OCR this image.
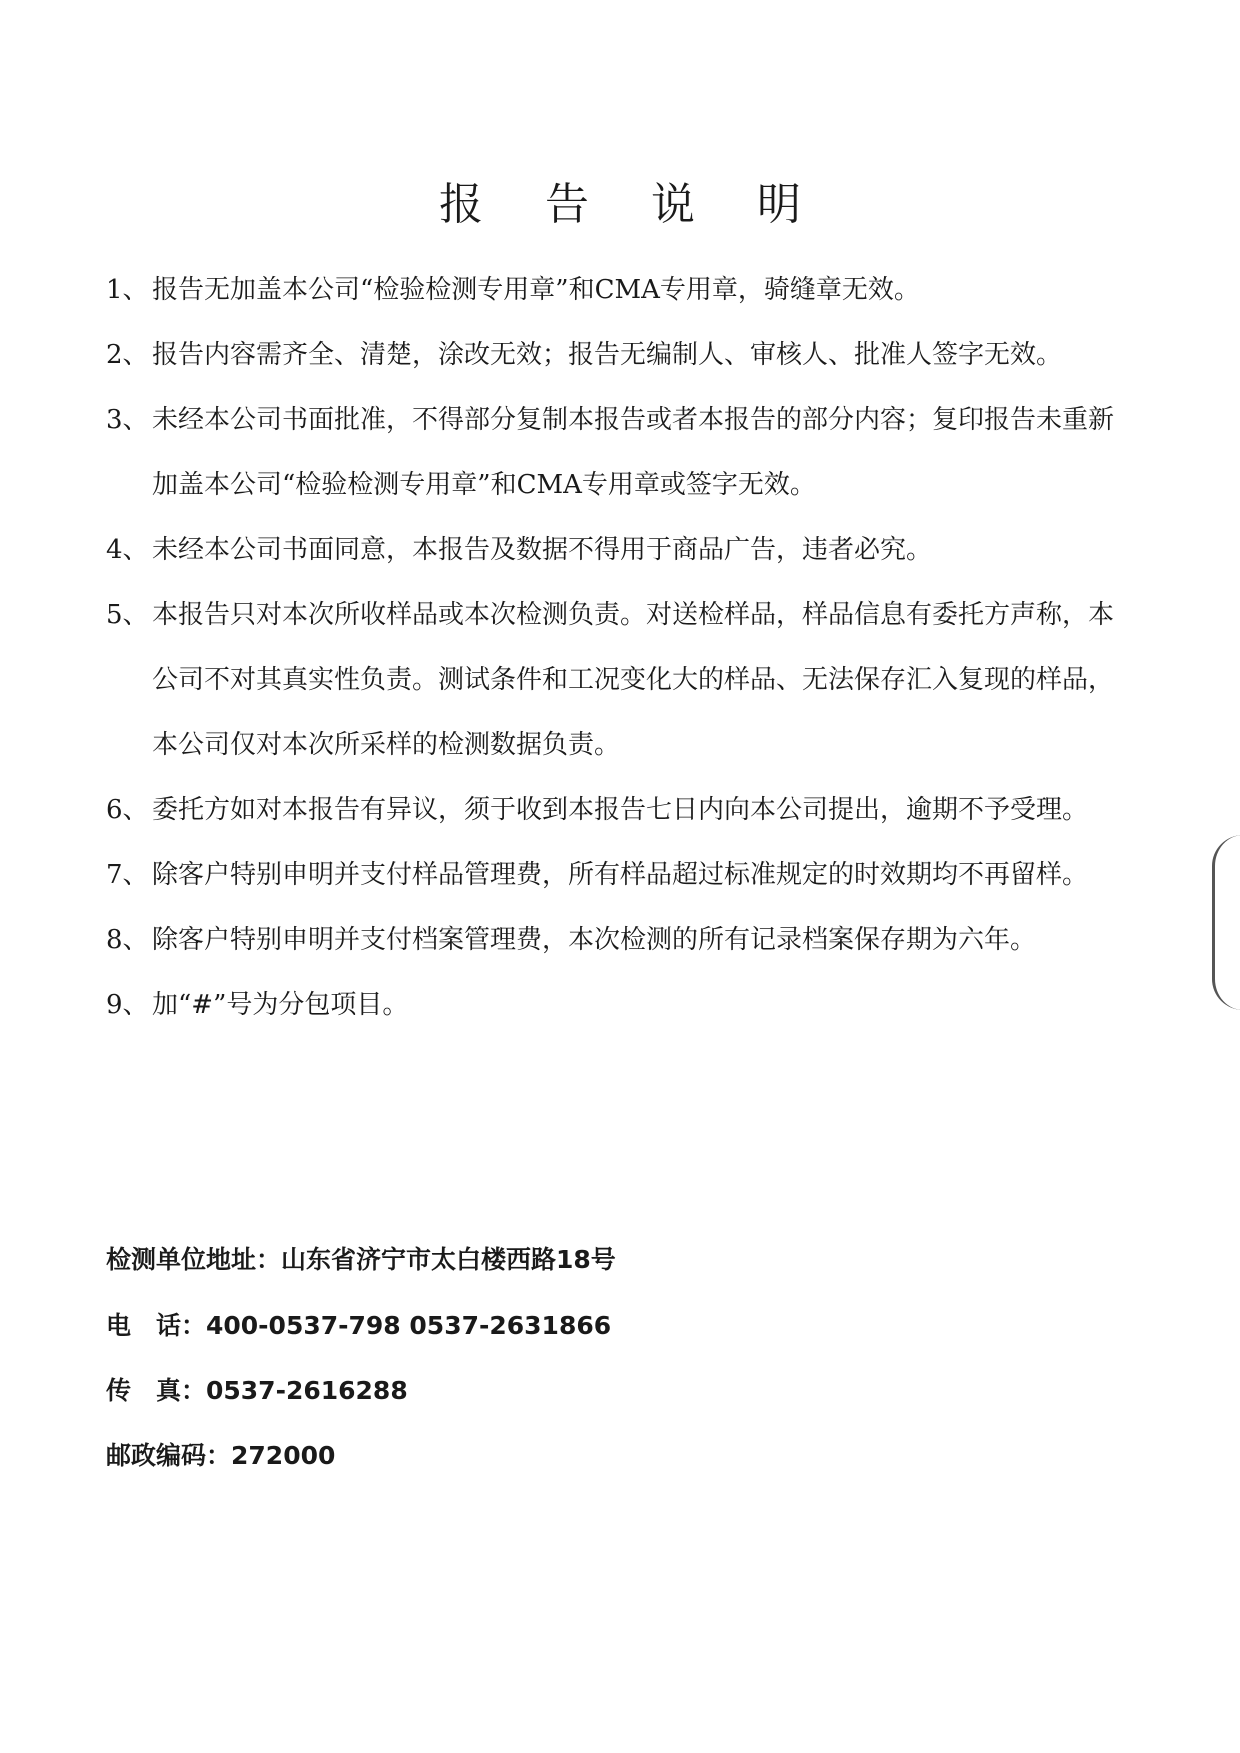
报告说明

1、 报告无加盖本公司“检验检测专用章”和CMA专用章，骑缝章无效。

2、 报告内容需齐全、清楚，涂改无效；报告无编制人、审核人、批准人签字无效。

3、 未经本公司书面批准，不得部分复制本报告或者本报告的部分内容；复印报告未重新加盖本公司“检验检测专用章”和CMA专用章或签字无效。

4、 未经本公司书面同意，本报告及数据不得用于商品广告，违者必究。

5、 本报告只对本次所收样品或本次检测负责。对送检样品，样品信息有委托方声称，本公司不对其真实性负责。测试条件和工况变化大的样品、无法保存汇入复现的样品，本公司仅对本次所采样的检测数据负责。

6、 委托方如对本报告有异议，须于收到本报告七日内向本公司提出，逾期不予受理。

7、 除客户特别申明并支付样品管理费，所有样品超过标准规定的时效期均不再留样。

8、 除客户特别申明并支付档案管理费，本次检测的所有记录档案保存期为六年。

9、 加“#”号为分包项目。

检测单位地址：山东省济宁市太白楼西路18号

电 话： 400-0537-798 0537-2631866

传 真： 0537-2616288

邮政编码：272000
